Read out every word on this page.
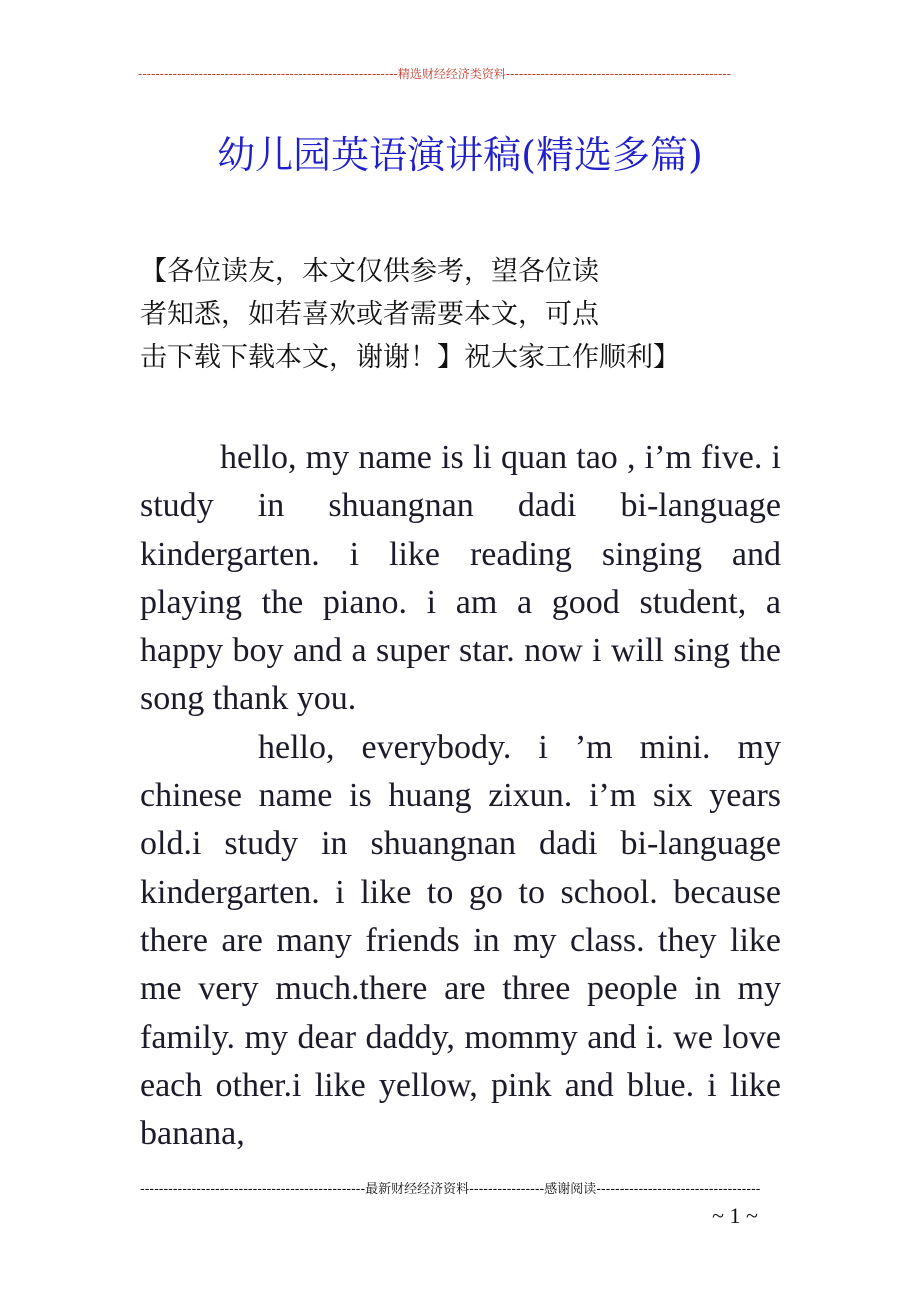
------------------------------------------------------------精选财经经济类资料----------------------------------------------------
幼儿园英语演讲稿(精选多篇)
【各位读友，本文仅供参考，望各位读
者知悉，如若喜欢或者需要本文，可点
击下载下载本文，谢谢！】祝大家工作顺利】

hello, my name is li quan tao , i’m five. i study in shuangnan dadi bi-language kindergarten. i like reading singing and playing the piano. i am a good student, a happy boy and a super star. now i will sing the song thank you.

hello, everybody. i ’m mini. my chinese name is huang zixun. i’m six years old.i study in shuangnan dadi bi-language kindergarten. i like to go to school. because there are many friends in my class. they like me very much.there are three people in my family. my dear daddy, mommy and i. we love each other.i like yellow, pink and blue. i like banana,

------------------------------------------------最新财经经济资料----------------感谢阅读-----------------------------------
~ 1 ~
